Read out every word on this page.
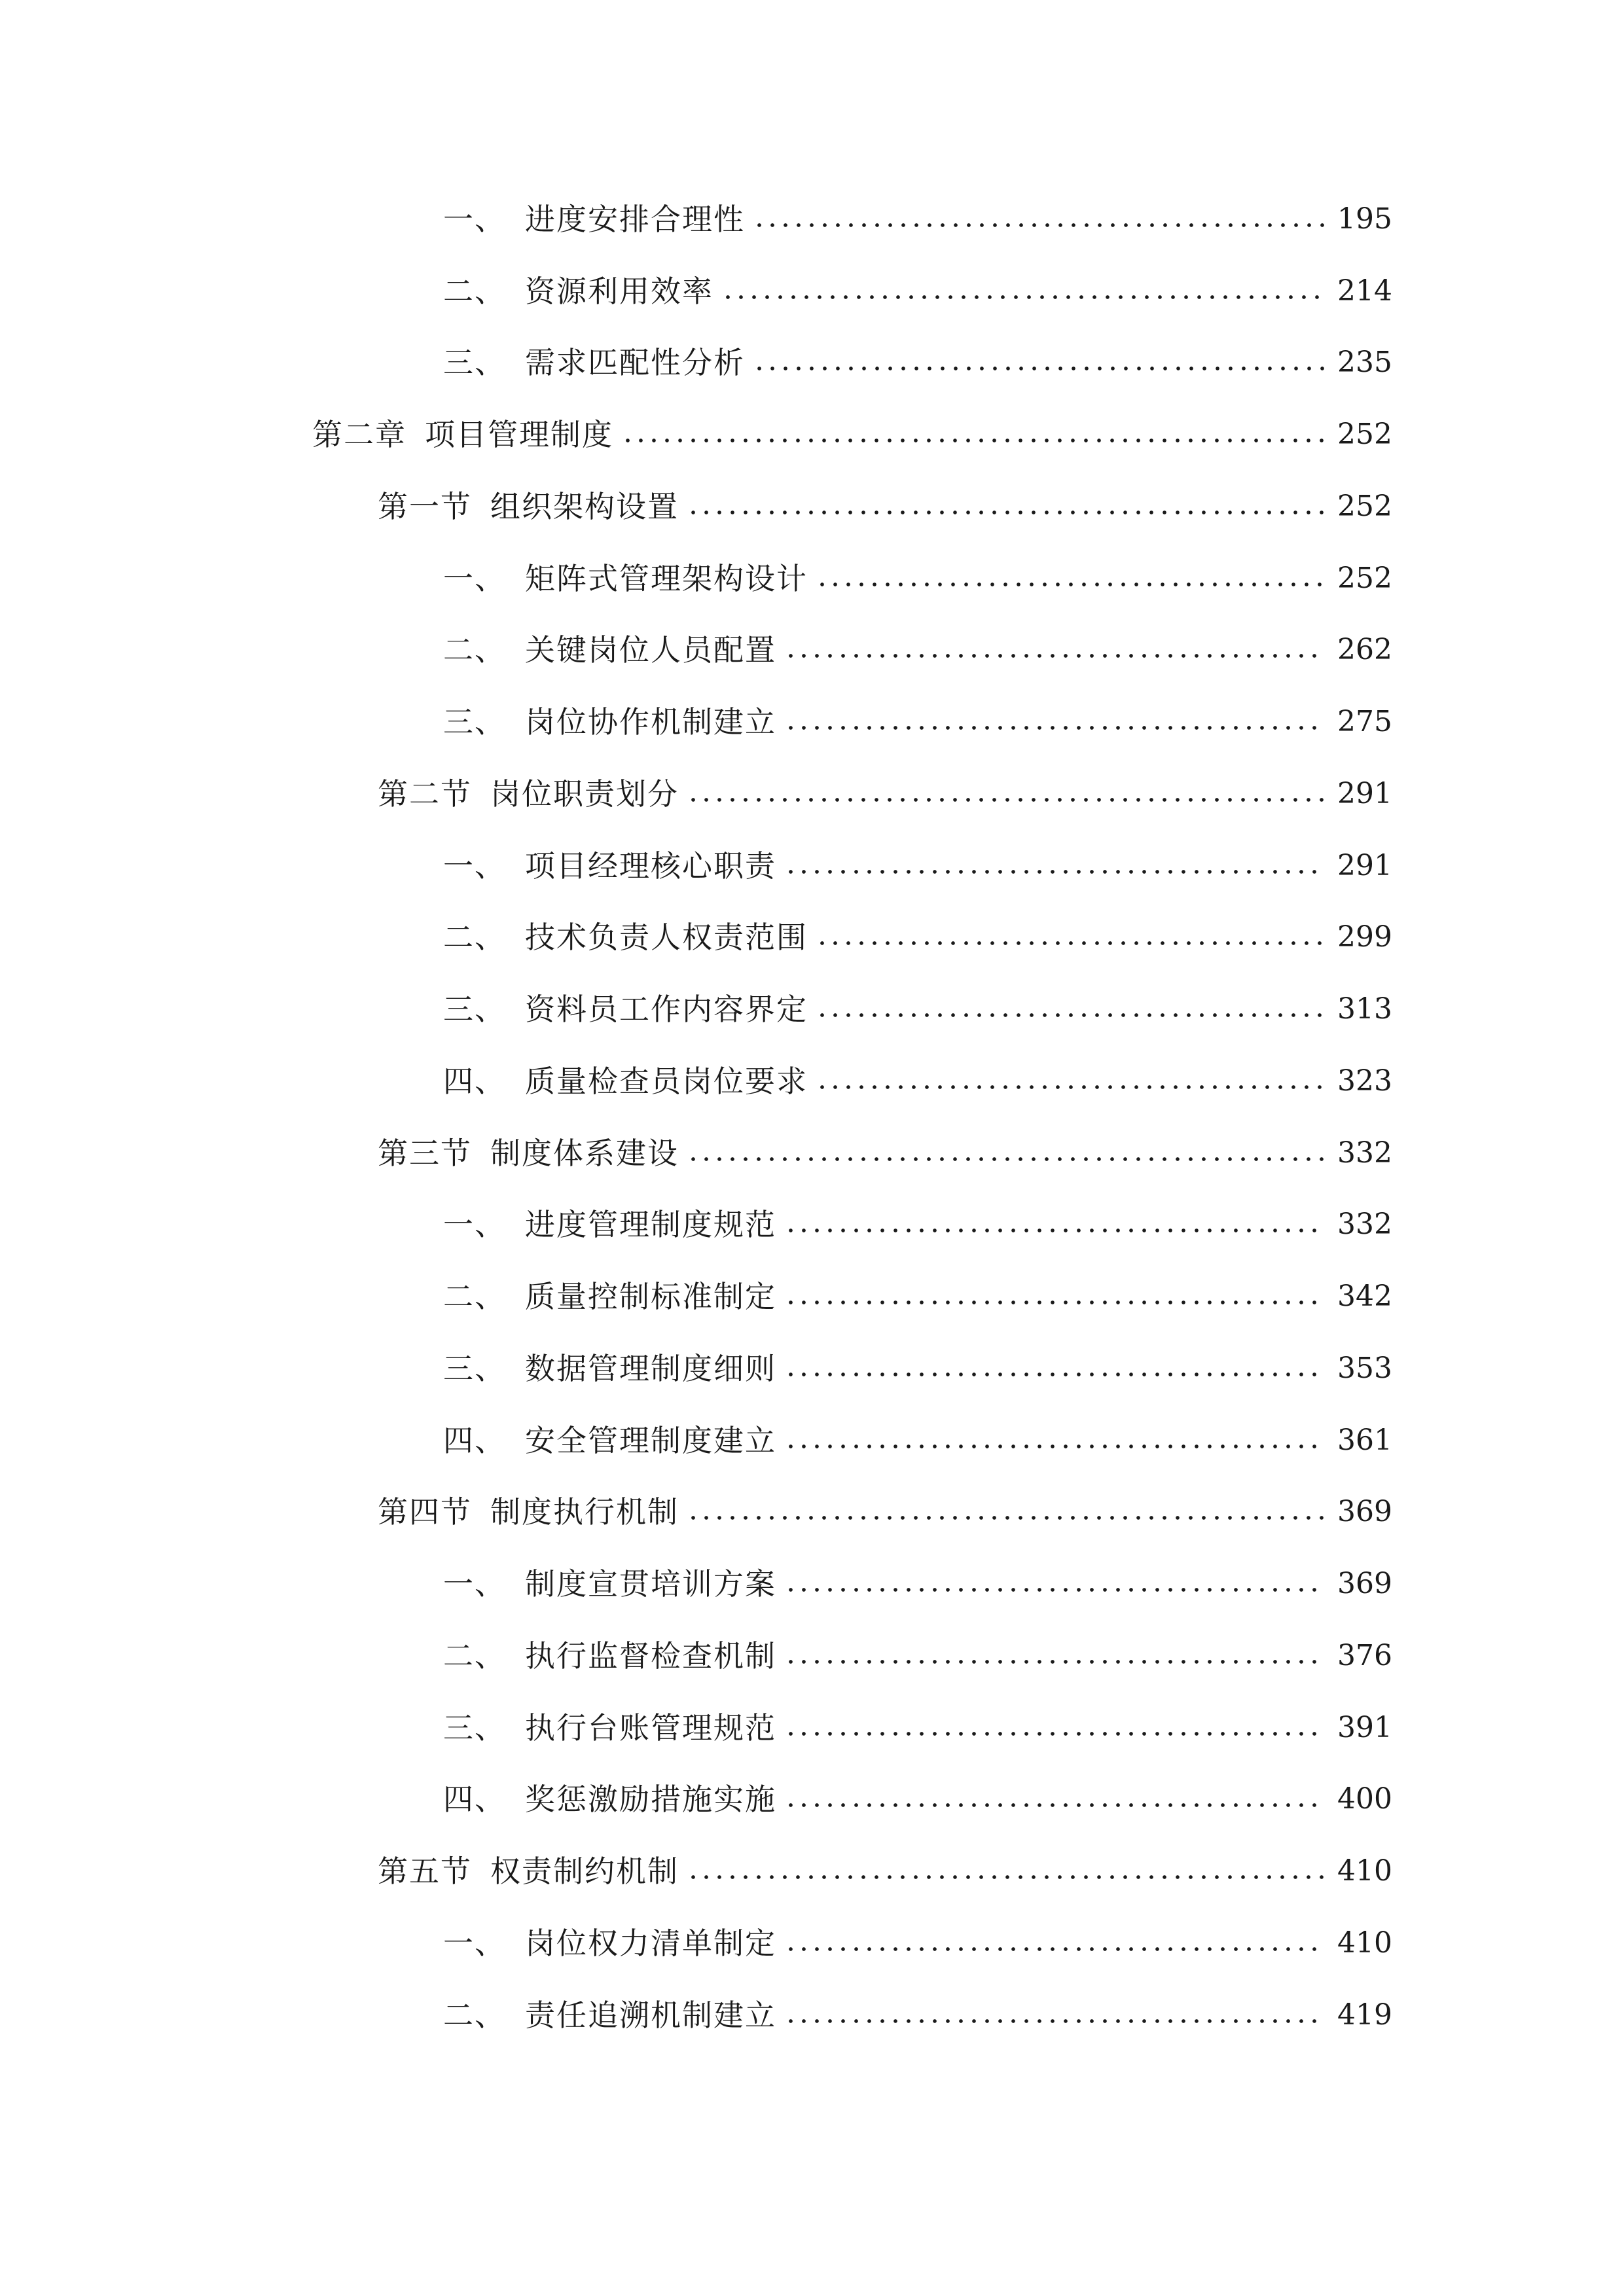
一、 进度安排合理性	195
二、 资源利用效率	214
三、 需求匹配性分析	235
第二章 项目管理制度	252
第一节 组织架构设置	252
一、 矩阵式管理架构设计	252
二、 关键岗位人员配置	262
三、 岗位协作机制建立	275
第二节 岗位职责划分	291
一、 项目经理核心职责	291
二、 技术负责人权责范围	299
三、 资料员工作内容界定	313
四、 质量检查员岗位要求	323
第三节 制度体系建设	332
一、 进度管理制度规范	332
二、 质量控制标准制定	342
三、 数据管理制度细则	353
四、 安全管理制度建立	361
第四节 制度执行机制	369
一、 制度宣贯培训方案	369
二、 执行监督检查机制	376
三、 执行台账管理规范	391
四、 奖惩激励措施实施	400
第五节 权责制约机制	410
一、 岗位权力清单制定	410
二、 责任追溯机制建立	419
